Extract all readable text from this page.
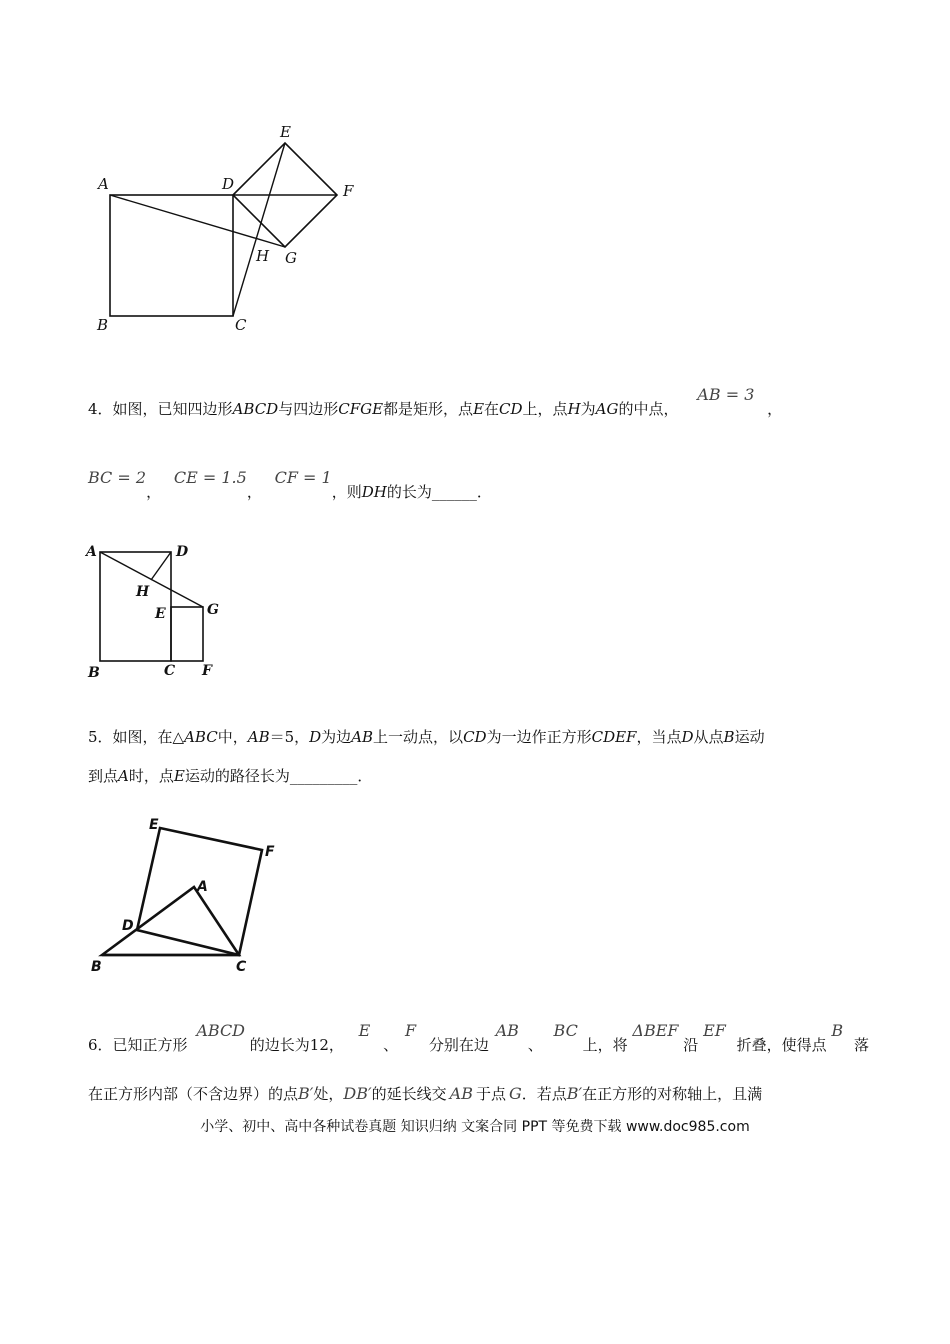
A	D
E
F
G
H
B	C
4．如图，已知四边形ABCD与四边形CFGE都是矩形，点E在CD上，点H为AG的中点， AB = 3 ，
BC = 2， CE = 1.5， CF = 1，则DH的长为______．
A	D
H
E	G
B	C F
5．如图，在△ABC中，AB＝5，D为边AB上一动点，以CD为一边作正方形CDEF，当点D从点B运动
到点A时，点E运动的路径长为_________．
E
F
A
D
B	C
6．已知正方形 ABCD 的边长为12， E 、 F 分别在边 AB 、 BC 上，将 ΔBEF 沿 EF 折叠，使得点 B 落
在正方形内部（不含边界）的点B′处，DB′的延长线交 AB 于点 G．若点B′在正方形的对称轴上，且满
小学、初中、高中各种试卷真题 知识归纳 文案合同 PPT 等免费下载 www.doc985.com
